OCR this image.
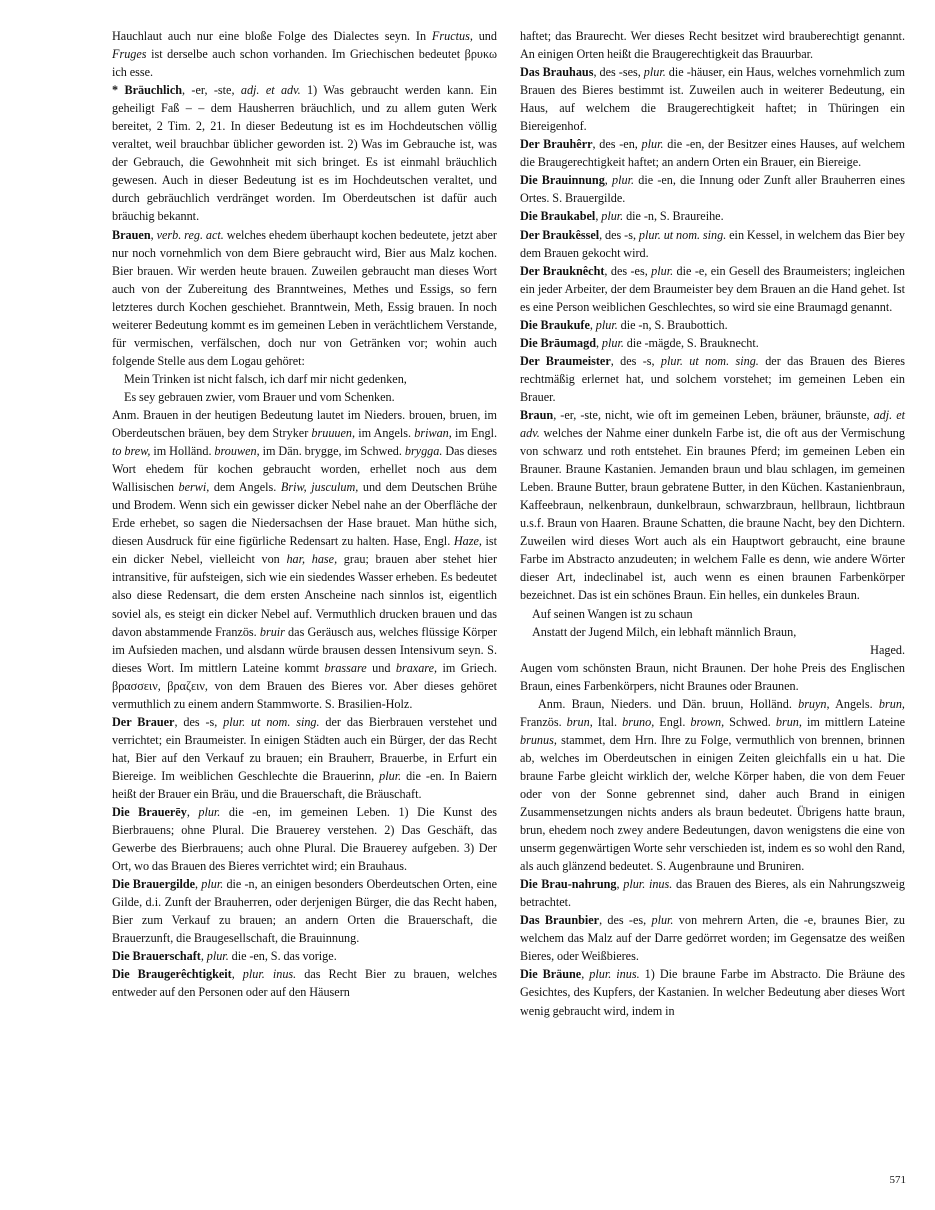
Hauchlaut auch nur eine bloße Folge des Dialectes seyn. In Fructus, und Fruges ist derselbe auch schon vorhanden. Im Griechischen bedeutet βρυκω ich esse.

* Bräuchlich, -er, -ste, adj. et adv. 1) Was gebraucht werden kann. Ein geheiligt Faß – – dem Hausherren bräuchlich, und zu allem guten Werk bereitet, 2 Tim. 2, 21. In dieser Bedeutung ist es im Hochdeutschen völlig veraltet, weil brauchbar üblicher geworden ist. 2) Was im Gebrauche ist, was der Gebrauch, die Gewohnheit mit sich bringet. Es ist einmahl bräuchlich gewesen. Auch in dieser Bedeutung ist es im Hochdeutschen veraltet, und durch gebräuchlich verdränget worden. Im Oberdeutschen ist dafür auch bräuchig bekannt.

Brauen, verb. reg. act. welches ehedem überhaupt kochen bedeutete, jetzt aber nur noch vornehmlich von dem Biere gebraucht wird, Bier aus Malz kochen. Bier brauen. Wir werden heute brauen. Zuweilen gebraucht man dieses Wort auch von der Zubereitung des Branntweines, Methes und Essigs, so fern letzteres durch Kochen geschiehet. Branntwein, Meth, Essig brauen. In noch weiterer Bedeutung kommt es im gemeinen Leben in verächtlichem Verstande, für vermischen, verfälschen, doch nur von Getränken vor; wohin auch folgende Stelle aus dem Logau gehöret:

Mein Trinken ist nicht falsch, ich darf mir nicht gedenken,
Es sey gebrauen zwier, vom Brauer und vom Schenken.

Anm. Brauen in der heutigen Bedeutung lautet im Nieders. brouen, bruen, im Oberdeutschen bräuen, bey dem Stryker bruuuen, im Angels. briwan, im Engl. to brew, im Holländ. brouwen, im Dän. brygge, im Schwed. brygga. Das dieses Wort ehedem für kochen gebraucht worden, erhellet noch aus dem Wallisischen berwi, dem Angels. Briw, jusculum, und dem Deutschen Brühe und Brodem. Wenn sich ein gewisser dicker Nebel nahe an der Oberfläche der Erde erhebet, so sagen die Niedersachsen der Hase brauet. Man hüthe sich, diesen Ausdruck für eine figürliche Redensart zu halten. Hase, Engl. Haze, ist ein dicker Nebel, vielleicht von har, hase, grau; brauen aber stehet hier intransitive, für aufsteigen, sich wie ein siedendes Wasser erheben. Es bedeutet also diese Redensart, die dem ersten Anscheine nach sinnlos ist, eigentlich soviel als, es steigt ein dicker Nebel auf. Vermuthlich drucken brauen und das davon abstammende Französ. bruir das Geräusch aus, welches flüssige Körper im Aufsieden machen, und alsdann würde brausen dessen Intensivum seyn. S. dieses Wort. Im mittlern Lateine kommt brassare und braxare, im Griech. βρασσειν, βραζειν, von dem Brauen des Bieres vor. Aber dieses gehöret vermuthlich zu einem andern Stammworte. S. Brasilien-Holz.

Der Brauer, des -s, plur. ut nom. sing. der das Bierbrauen verstehet und verrichtet; ein Braumeister. In einigen Städten auch ein Bürger, der das Recht hat, Bier auf den Verkauf zu brauen; ein Brauherr, Brauerbe, in Erfurt ein Biereige. Im weiblichen Geschlechte die Brauerinn, plur. die -en. In Baiern heißt der Brauer ein Bräu, und die Brauerschaft, die Bräuschaft.

Die Brauerēy, plur. die -en, im gemeinen Leben. 1) Die Kunst des Bierbrauens; ohne Plural. Die Brauerey verstehen. 2) Das Geschäft, das Gewerbe des Bierbrauens; auch ohne Plural. Die Brauerey aufgeben. 3) Der Ort, wo das Brauen des Bieres verrichtet wird; ein Brauhaus.

Die Brauergilde, plur. die -n, an einigen besonders Oberdeutschen Orten, eine Gilde, d.i. Zunft der Brauherren, oder derjenigen Bürger, die das Recht haben, Bier zum Verkauf zu brauen; an andern Orten die Brauerschaft, die Brauerzunft, die Braugesellschaft, die Brauinnung.

Die Brauerschaft, plur. die -en, S. das vorige.

Die Braugerêchtigkeit, plur. inus. das Recht Bier zu brauen, welches entweder auf den Personen oder auf den Häusern

haftet; das Braurecht. Wer dieses Recht besitzet wird brauberechtigt genannt. An einigen Orten heißt die Braugerechtigkeit das Brauurbar.

Das Brauhaus, des -ses, plur. die -häuser, ein Haus, welches vornehmlich zum Brauen des Bieres bestimmt ist. Zuweilen auch in weiterer Bedeutung, ein Haus, auf welchem die Braugerechtigkeit haftet; in Thüringen ein Biereigenhof.

Der Brauhêrr, des -en, plur. die -en, der Besitzer eines Hauses, auf welchem die Braugerechtigkeit haftet; an andern Orten ein Brauer, ein Biereige.

Die Brauinnung, plur. die -en, die Innung oder Zunft aller Brauherren eines Ortes. S. Brauergilde.

Die Braukabel, plur. die -n, S. Braureihe.

Der Braukêssel, des -s, plur. ut nom. sing. ein Kessel, in welchem das Bier bey dem Brauen gekocht wird.

Der Brauknêcht, des -es, plur. die -e, ein Gesell des Braumeisters; ingleichen ein jeder Arbeiter, der dem Braumeister bey dem Brauen an die Hand gehet. Ist es eine Person weiblichen Geschlechtes, so wird sie eine Braumagd genannt.

Die Braukufe, plur. die -n, S. Braubottich.

Die Brāumagd, plur. die -mägde, S. Brauknecht.

Der Braumeister, des -s, plur. ut nom. sing. der das Brauen des Bieres rechtmäßig erlernet hat, und solchem vorstehet; im gemeinen Leben ein Brauer.

Braun, -er, -ste, nicht, wie oft im gemeinen Leben, bräuner, bräunste, adj. et adv. welches der Nahme einer dunkeln Farbe ist, die oft aus der Vermischung von schwarz und roth entstehet. Ein braunes Pferd; im gemeinen Leben ein Brauner. Braune Kastanien. Jemanden braun und blau schlagen, im gemeinen Leben. Braune Butter, braun gebratene Butter, in den Küchen. Kastanienbraun, Kaffeebraun, nelkenbraun, dunkelbraun, schwarzbraun, hellbraun, lichtbraun u.s.f. Braun von Haaren. Braune Schatten, die braune Nacht, bey den Dichtern. Zuweilen wird dieses Wort auch als ein Hauptwort gebraucht, eine braune Farbe im Abstracto anzudeuten; in welchem Falle es denn, wie andere Wörter dieser Art, indeclinabel ist, auch wenn es einen braunen Farbenkörper bezeichnet. Das ist ein schönes Braun. Ein helles, ein dunkeles Braun.

Auf seinen Wangen ist zu schaun
Anstatt der Jugend Milch, ein lebhaft männlich Braun,
Haged.

Augen vom schönsten Braun, nicht Braunen. Der hohe Preis des Englischen Braun, eines Farbenkörpers, nicht Braunes oder Braunen.

Anm. Braun, Nieders. und Dän. bruun, Holländ. bruyn, Angels. brun, Französ. brun, Ital. bruno, Engl. brown, Schwed. brun, im mittlern Lateine brunus, stammet, dem Hrn. Ihre zu Folge, vermuthlich von brennen, brinnen ab, welches im Oberdeutschen in einigen Zeiten gleichfalls ein u hat. Die braune Farbe gleicht wirklich der, welche Körper haben, die von dem Feuer oder von der Sonne gebrennet sind, daher auch Brand in einigen Zusammensetzungen nichts anders als braun bedeutet. Übrigens hatte braun, brun, ehedem noch zwey andere Bedeutungen, davon wenigstens die eine von unserm gegenwärtigen Worte sehr verschieden ist, indem es so wohl den Rand, als auch glänzend bedeutet. S. Augenbraune und Bruniren.

Die Brau-nahrung, plur. inus. das Brauen des Bieres, als ein Nahrungszweig betrachtet.

Das Braunbier, des -es, plur. von mehrern Arten, die -e, braunes Bier, zu welchem das Malz auf der Darre gedörret worden; im Gegensatze des weißen Bieres, oder Weißbieres.

Die Bräune, plur. inus. 1) Die braune Farbe im Abstracto. Die Bräune des Gesichtes, des Kupfers, der Kastanien. In welcher Bedeutung aber dieses Wort wenig gebraucht wird, indem in

571
